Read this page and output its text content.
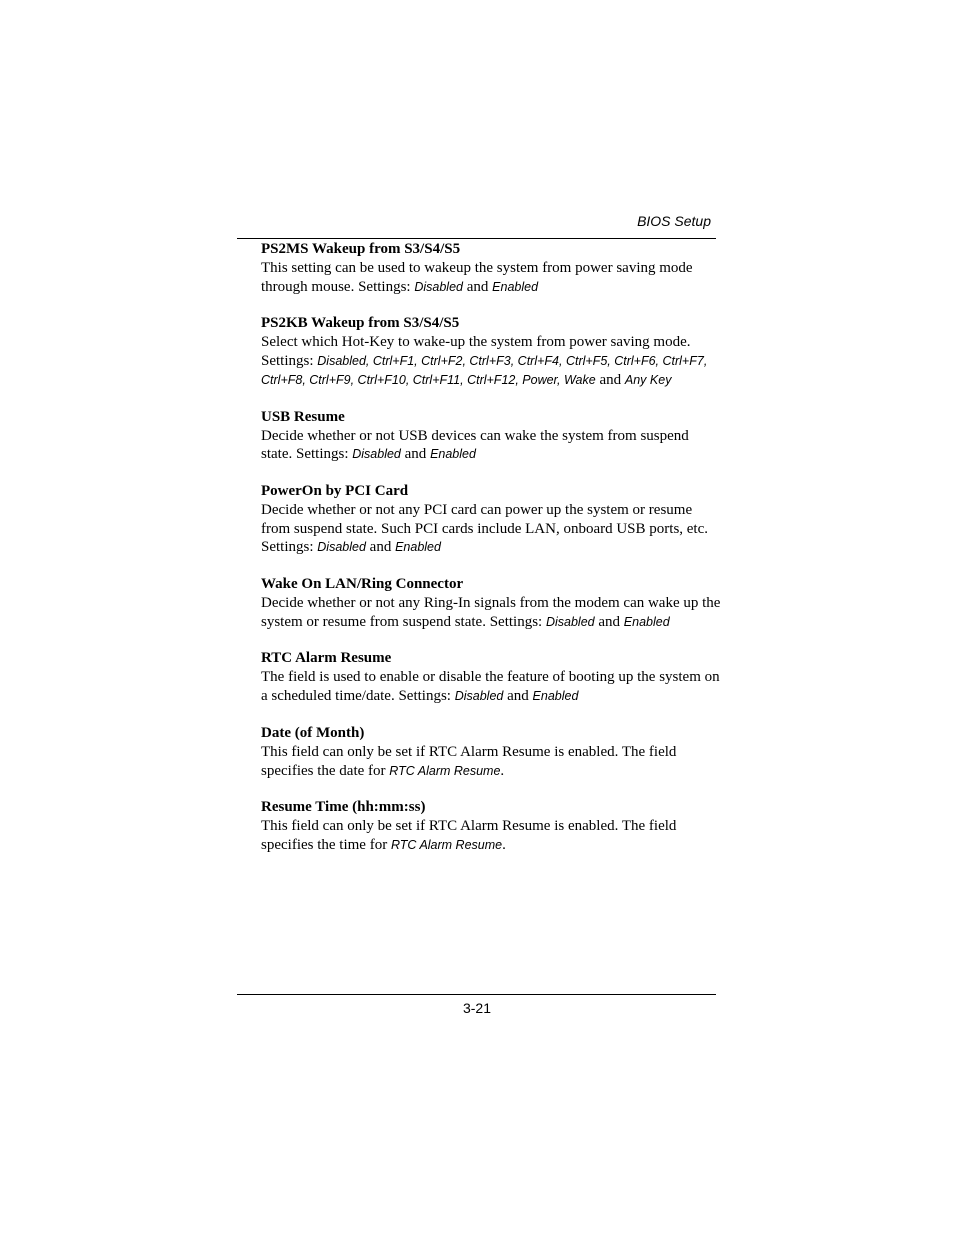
BIOS Setup

PS2MS Wakeup from S3/S4/S5

This setting can be used to wakeup the system from power saving mode through mouse. Settings: Disabled and Enabled

PS2KB Wakeup from S3/S4/S5

Select which Hot-Key to wake-up the system from power saving mode. Settings: Disabled, Ctrl+F1, Ctrl+F2, Ctrl+F3, Ctrl+F4, Ctrl+F5, Ctrl+F6, Ctrl+F7, Ctrl+F8, Ctrl+F9, Ctrl+F10, Ctrl+F11, Ctrl+F12, Power, Wake and Any Key

USB Resume

Decide whether or not USB devices can wake the system from suspend state. Settings: Disabled and Enabled

PowerOn by PCI Card

Decide whether or not any PCI card can power up the system or resume from suspend state. Such PCI cards include LAN, onboard USB ports, etc. Settings: Disabled and Enabled

Wake On LAN/Ring Connector

Decide whether or not any Ring-In signals from the modem can wake up the system or resume from suspend state. Settings: Disabled and Enabled

RTC Alarm Resume

The field is used to enable or disable the feature of booting up the system on a scheduled time/date. Settings: Disabled and Enabled

Date (of Month)

This field can only be set if RTC Alarm Resume is enabled. The field specifies the date for RTC Alarm Resume.

Resume Time (hh:mm:ss)

This field can only be set if RTC Alarm Resume is enabled. The field specifies the time for RTC Alarm Resume.

3-21
